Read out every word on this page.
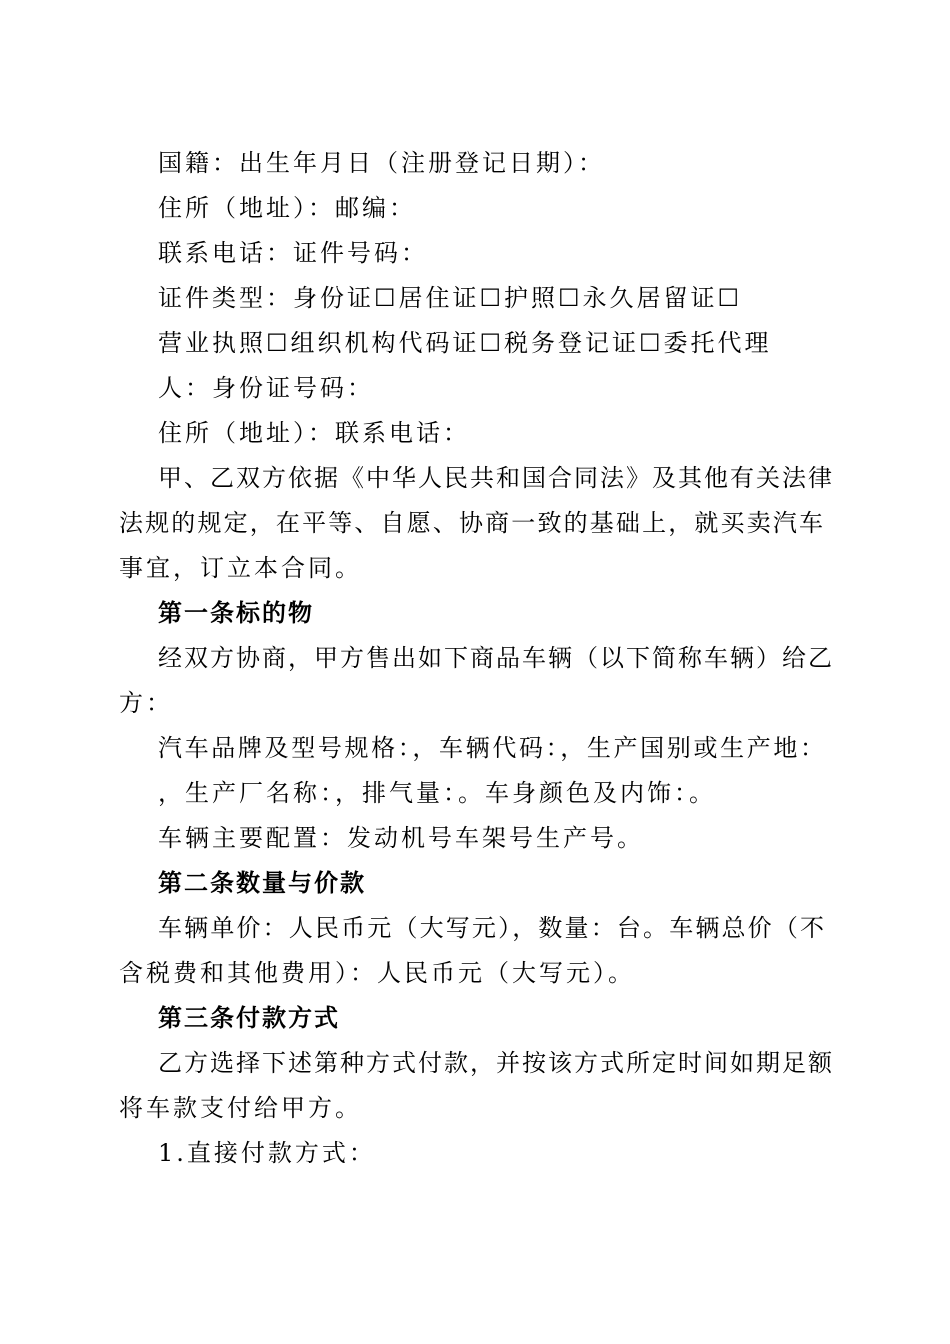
国籍：出生年月日（注册登记日期）：
住所（地址）：邮编：
联系电话：证件号码：
证件类型：身份证☐居住证☐护照☐永久居留证☐
营业执照☐组织机构代码证☐税务登记证☐委托代理
人：身份证号码：
住所（地址）：联系电话：
甲、乙双方依据《中华人民共和国合同法》及其他有关法律
法规的规定，在平等、自愿、协商一致的基础上，就买卖汽车
事宜，订立本合同。
第一条标的物
经双方协商，甲方售出如下商品车辆（以下简称车辆）给乙
方：
汽车品牌及型号规格：，车辆代码：，生产国别或生产地：
，生产厂名称：，排气量：。车身颜色及内饰：。
车辆主要配置：发动机号车架号生产号。
第二条数量与价款
车辆单价：人民币元（大写元），数量：台。车辆总价（不
含税费和其他费用）：人民币元（大写元）。
第三条付款方式
乙方选择下述第种方式付款，并按该方式所定时间如期足额
将车款支付给甲方。
1.直接付款方式：
